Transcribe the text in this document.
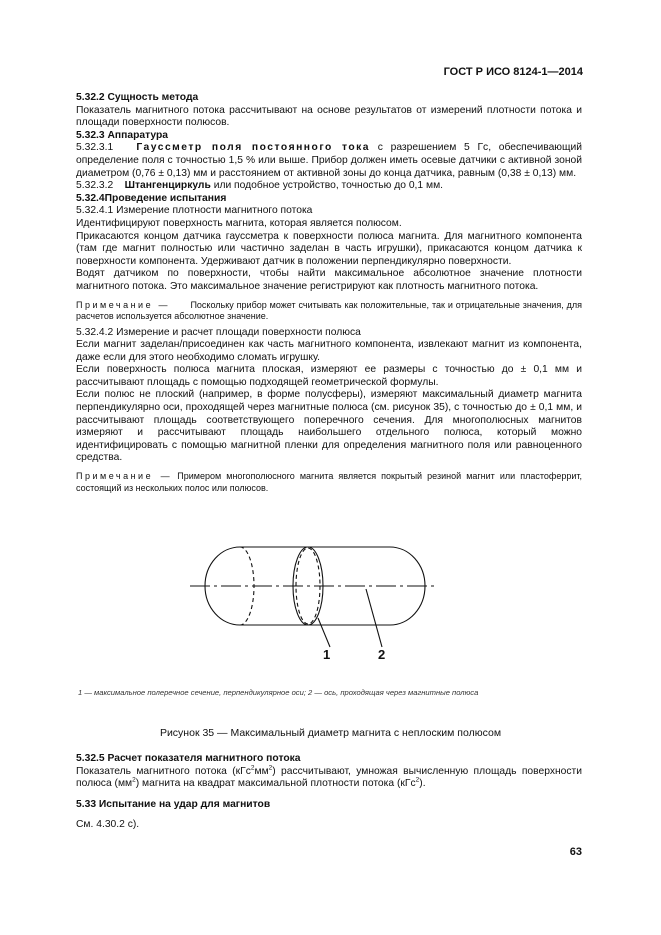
ГОСТ Р ИСО 8124-1—2014

5.32.2 Сущность метода

Показатель магнитного потока рассчитывают на основе результатов от измерений плотности потока и площади поверхности полюсов.

5.32.3 Аппаратура

5.32.3.1 Гауссметр поля постоянного тока с разрешением 5 Гс, обеспечивающий определение поля с точностью 1,5 % или выше. Прибор должен иметь осевые датчики с активной зоной диаметром (0,76 ± 0,13) мм и расстоянием от активной зоны до конца датчика, равным (0,38 ± 0,13) мм.

5.32.3.2 Штангенциркуль или подобное устройство, точностью до 0,1 мм.

5.32.4Проведение испытания

5.32.4.1 Измерение плотности магнитного потока

Идентифицируют поверхность магнита, которая является полюсом.

Прикасаются концом датчика гауссметра к поверхности полюса магнита. Для магнитного компонента (там где магнит полностью или частично заделан в часть игрушки), прикасаются концом датчика к поверхности компонента. Удерживают датчик в положении перпендикулярно поверхности.

Водят датчиком по поверхности, чтобы найти максимальное абсолютное значение плотности магнитного потока. Это максимальное значение регистрируют как плотность магнитного потока.

Примечание — Поскольку прибор может считывать как положительные, так и отрицательные значения, для расчетов используется абсолютное значение.

5.32.4.2 Измерение и расчет площади поверхности полюса

Если магнит заделан/присоединен как часть магнитного компонента, извлекают магнит из компонента, даже если для этого необходимо сломать игрушку.

Если поверхность полюса магнита плоская, измеряют ее размеры с точностью до ± 0,1 мм и рассчитывают площадь с помощью подходящей геометрической формулы.

Если полюс не плоский (например, в форме полусферы), измеряют максимальный диаметр магнита перпендикулярно оси, проходящей через магнитные полюса (см. рисунок 35), с точностью до ± 0,1 мм, и рассчитывают площадь соответствующего поперечного сечения. Для многополюсных магнитов измеряют и рассчитывают площадь наибольшего отдельного полюса, который можно идентифицировать с помощью магнитной пленки для определения магнитного поля или равноценного средства.

Примечание — Примером многополюсного магнита является покрытый резиной магнит или пластоферрит, состоящий из нескольких полос или полюсов.

1	2
1 — максимальное полеречное сечение, перпендикулярное оси; 2 — ось, проходящая через магнитные полюса
Рисунок 35 — Максимальный диаметр магнита с неплоским полюсом

5.32.5 Расчет показателя магнитного потока

Показатель магнитного потока $(кГс^2мм^2)$ рассчитывают, умножая вычисленную площадь поверхности полюса $(мм^2)$ магнита на квадрат максимальной плотности потока (кГс$^2$).

5.33 Испытание на удар для магнитов

См. 4.30.2 с).

63
